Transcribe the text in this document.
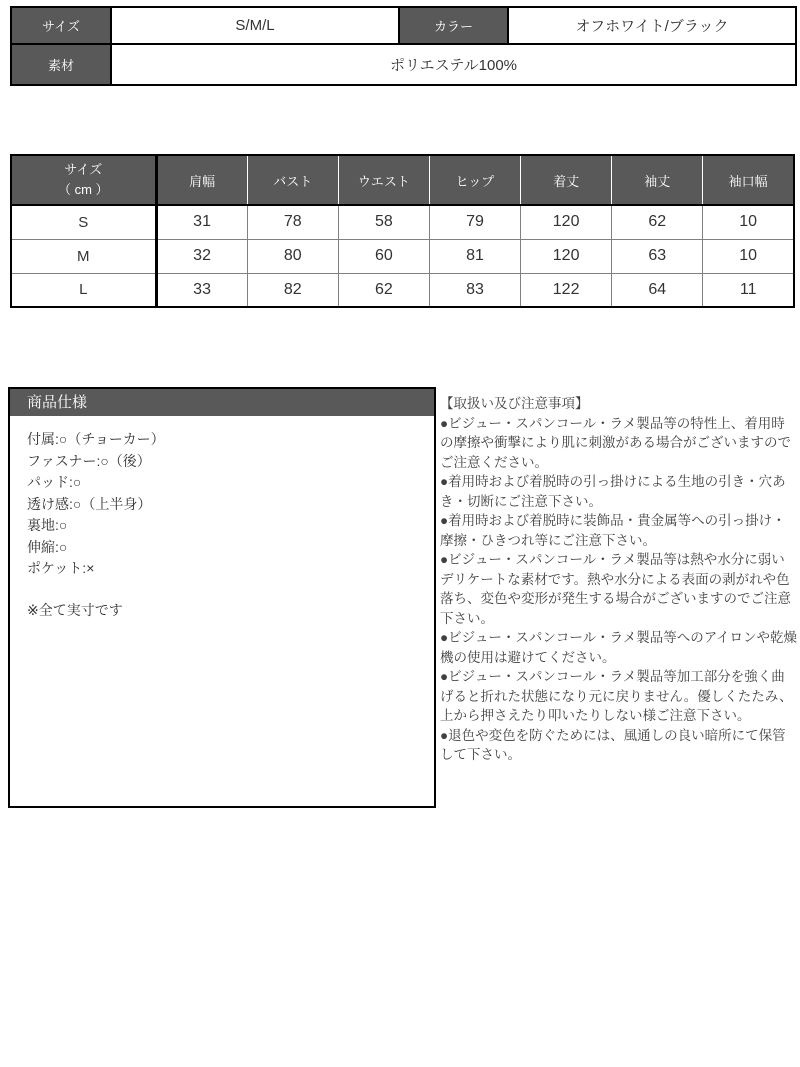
サイズ	S/M/L	カラー	オフホワイト/ブラック
素材	ポリエステル100%		
サイズ
（ cm ）	肩幅	バスト	ウエスト	ヒップ	着丈	袖丈	袖口幅
S	31	78	58	79	120	62	10
M	32	80	60	81	120	63	10
L	33	82	62	83	122	64	11
商品仕様
付属:○（チョーカー）
ファスナー:○（後）
パッド:○
透け感:○（上半身）
裏地:○
伸縮:○
ポケット:×
※全て実寸です

【取扱い及び注意事項】

●ビジュー・スパンコール・ラメ製品等の特性上、着用時の摩擦や衝撃により肌に刺激がある場合がございますのでご注意ください。

●着用時および着脱時の引っ掛けによる生地の引き・穴あき・切断にご注意下さい。

●着用時および着脱時に装飾品・貴金属等への引っ掛け・摩擦・ひきつれ等にご注意下さい。

●ビジュー・スパンコール・ラメ製品等は熱や水分に弱いデリケートな素材です。熱や水分による表面の剥がれや色落ち、変色や変形が発生する場合がございますのでご注意下さい。

●ビジュー・スパンコール・ラメ製品等へのアイロンや乾燥機の使用は避けてください。

●ビジュー・スパンコール・ラメ製品等加工部分を強く曲げると折れた状態になり元に戻りません。優しくたたみ、上から押さえたり叩いたりしない様ご注意下さい。

●退色や変色を防ぐためには、風通しの良い暗所にて保管して下さい。
